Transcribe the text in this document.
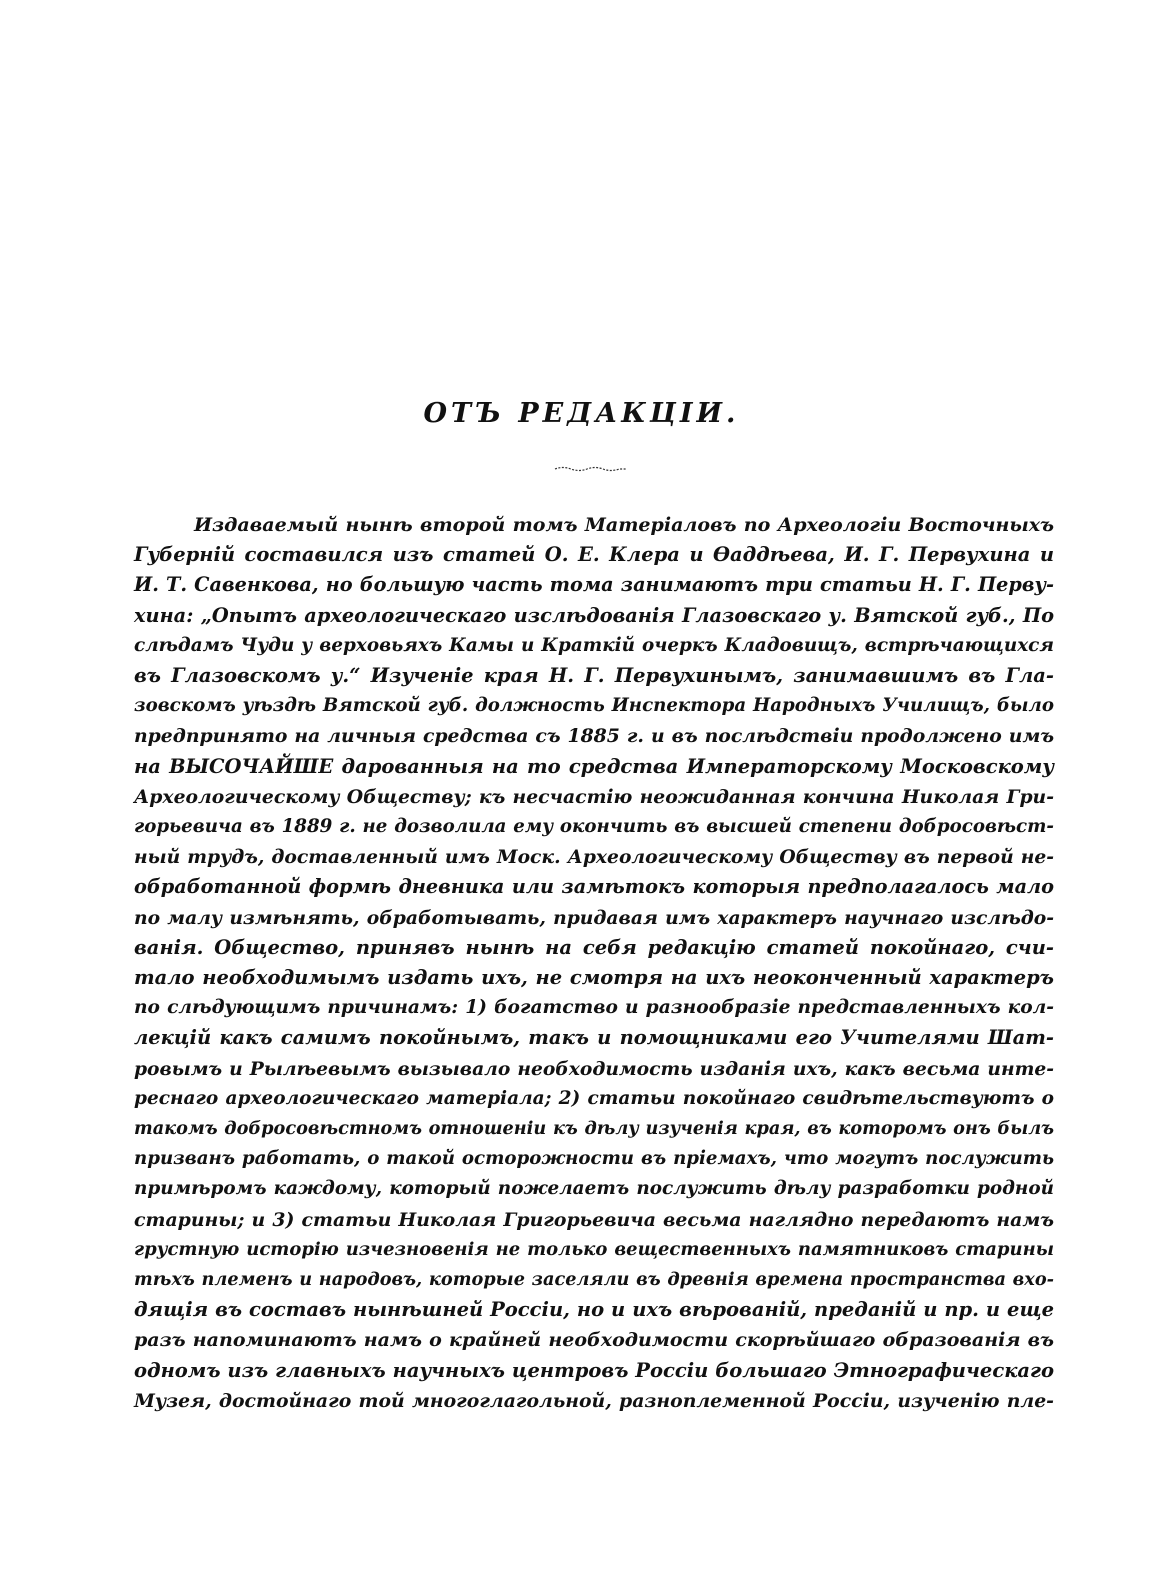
ОТЪ РЕДАКЦIИ.
Издаваемый нынѣ второй томъ Матерiаловъ по Археологiи Восточныхъ
Губернiй составился изъ статей О. Е. Клера и Ѳаддѣева, И. Г. Первухина и
И. Т. Савенкова, но большую часть тома занимаютъ три статьи Н. Г. Перву-
хина: „Опытъ археологическаго изслѣдованiя Глазовскаго у. Вятской губ., По
слѣдамъ Чуди у верховьяхъ Камы и Краткiй очеркъ Кладовищъ, встрѣчающихся
въ Глазовскомъ у.“ Изученiе края Н. Г. Первухинымъ, занимавшимъ въ Гла-
зовскомъ уѣздѣ Вятской губ. должность Инспектора Народныхъ Училищъ, было
предпринято на личныя средства съ 1885 г. и въ послѣдствiи продолжено имъ
на ВЫСОЧАЙШЕ дарованныя на то средства Императорскому Московскому
Археологическому Обществу; къ несчастiю неожиданная кончина Николая Гри-
горьевича въ 1889 г. не дозволила ему окончить въ высшей степени добросовѣст-
ный трудъ, доставленный имъ Моск. Археологическому Обществу въ первой не-
обработанной формѣ дневника или замѣтокъ которыя предполагалось мало
по малу измѣнять, обработывать, придавая имъ характеръ научнаго изслѣдо-
ванiя. Общество, принявъ нынѣ на себя редакцiю статей покойнаго, счи-
тало необходимымъ издать ихъ, не смотря на ихъ неоконченный характеръ
по слѣдующимъ причинамъ: 1) богатство и разнообразiе представленныхъ кол-
лекцiй какъ самимъ покойнымъ, такъ и помощниками его Учителями Шат-
ровымъ и Рылѣевымъ вызывало необходимость изданiя ихъ, какъ весьма инте-
реснаго археологическаго матерiала; 2) статьи покойнаго свидѣтельствуютъ о
такомъ добросовѣстномъ отношенiи къ дѣлу изученiя края, въ которомъ онъ былъ
призванъ работать, о такой осторожности въ прiемахъ, что могутъ послужить
примѣромъ каждому, который пожелаетъ послужить дѣлу разработки родной
старины; и 3) статьи Николая Григорьевича весьма наглядно передаютъ намъ
грустную исторiю изчезновенiя не только вещественныхъ памятниковъ старины
тѣхъ племенъ и народовъ, которые заселяли въ древнiя времена пространства вхо-
дящiя въ составъ нынѣшней Россiи, но и ихъ вѣрованiй, преданiй и пр. и еще
разъ напоминаютъ намъ о крайней необходимости скорѣйшаго образованiя въ
одномъ изъ главныхъ научныхъ центровъ Россiи большаго Этнографическаго
Музея, достойнаго той многоглагольной, разноплеменной Россiи, изученiю пле-
